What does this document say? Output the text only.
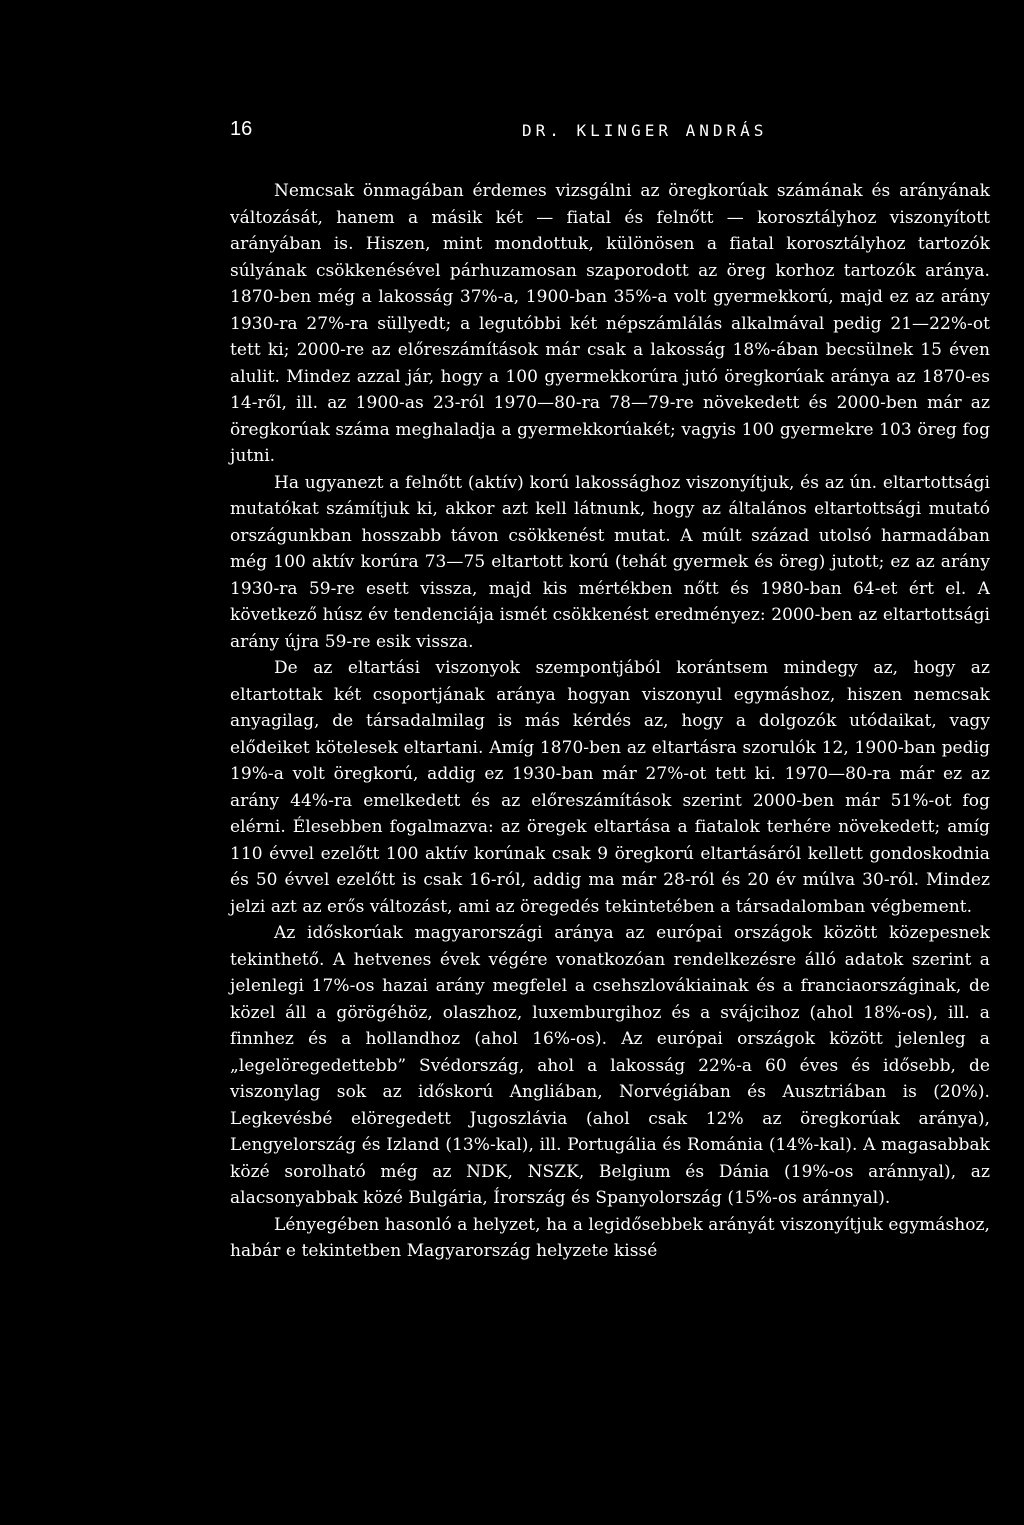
16	DR. KLINGER ANDRÁS

Nemcsak önmagában érdemes vizsgálni az öregkorúak számának és arányának változását, hanem a másik két — fiatal és felnőtt — korosztályhoz viszonyított arányában is. Hiszen, mint mondottuk, különösen a fiatal korosztályhoz tartozók súlyának csökkenésével párhuzamosan szaporodott az öreg korhoz tartozók aránya. 1870-ben még a lakosság 37%-a, 1900-ban 35%-a volt gyermekkorú, majd ez az arány 1930-ra 27%-ra süllyedt; a legutóbbi két népszámlálás alkalmával pedig 21—22%-ot tett ki; 2000-re az előreszámítások már csak a lakosság 18%-ában becsülnek 15 éven alulit. Mindez azzal jár, hogy a 100 gyermekkorúra jutó öregkorúak aránya az 1870-es 14-ről, ill. az 1900-as 23-ról 1970—80-ra 78—79-re növekedett és 2000-ben már az öregkorúak száma meghaladja a gyermekkorúakét; vagyis 100 gyermekre 103 öreg fog jutni.

Ha ugyanezt a felnőtt (aktív) korú lakossághoz viszonyítjuk, és az ún. eltartottsági mutatókat számítjuk ki, akkor azt kell látnunk, hogy az általános eltartottsági mutató országunkban hosszabb távon csökkenést mutat. A múlt század utolsó harmadában még 100 aktív korúra 73—75 eltartott korú (tehát gyermek és öreg) jutott; ez az arány 1930-ra 59-re esett vissza, majd kis mértékben nőtt és 1980-ban 64-et ért el. A következő húsz év tendenciája ismét csökkenést eredményez: 2000-ben az eltartottsági arány újra 59-re esik vissza.

De az eltartási viszonyok szempontjából korántsem mindegy az, hogy az eltartottak két csoportjának aránya hogyan viszonyul egymáshoz, hiszen nemcsak anyagilag, de társadalmilag is más kérdés az, hogy a dolgozók utódaikat, vagy elődeiket kötelesek eltartani. Amíg 1870-ben az eltartásra szorulók 12, 1900-ban pedig 19%-a volt öregkorú, addig ez 1930-ban már 27%-ot tett ki. 1970—80-ra már ez az arány 44%-ra emelkedett és az előreszámítások szerint 2000-ben már 51%-ot fog elérni. Élesebben fogalmazva: az öregek eltartása a fiatalok terhére növekedett; amíg 110 évvel ezelőtt 100 aktív korúnak csak 9 öregkorú eltartásáról kellett gondoskodnia és 50 évvel ezelőtt is csak 16-ról, addig ma már 28-ról és 20 év múlva 30-ról. Mindez jelzi azt az erős változást, ami az öregedés tekintetében a társadalomban végbement.

Az időskorúak magyarországi aránya az európai országok között közepesnek tekinthető. A hetvenes évek végére vonatkozóan rendelkezésre álló adatok szerint a jelenlegi 17%-os hazai arány megfelel a csehszlovákiainak és a franciaországinak, de közel áll a görögéhöz, olaszhoz, luxemburgihoz és a svájcihoz (ahol 18%-os), ill. a finnhez és a hollandhoz (ahol 16%-os). Az európai országok között jelenleg a „legelöregedettebb” Svédország, ahol a lakosság 22%-a 60 éves és idősebb, de viszonylag sok az időskorú Angliában, Norvégiában és Ausztriában is (20%). Legkevésbé elöregedett Jugoszlávia (ahol csak 12% az öregkorúak aránya), Lengyelország és Izland (13%-kal), ill. Portugália és Románia (14%-kal). A magasabbak közé sorolható még az NDK, NSZK, Belgium és Dánia (19%-os aránnyal), az alacsonyabbak közé Bulgária, Írország és Spanyolország (15%-os aránnyal).

Lényegében hasonló a helyzet, ha a legidősebbek arányát viszonyítjuk egymáshoz, habár e tekintetben Magyarország helyzete kissé
